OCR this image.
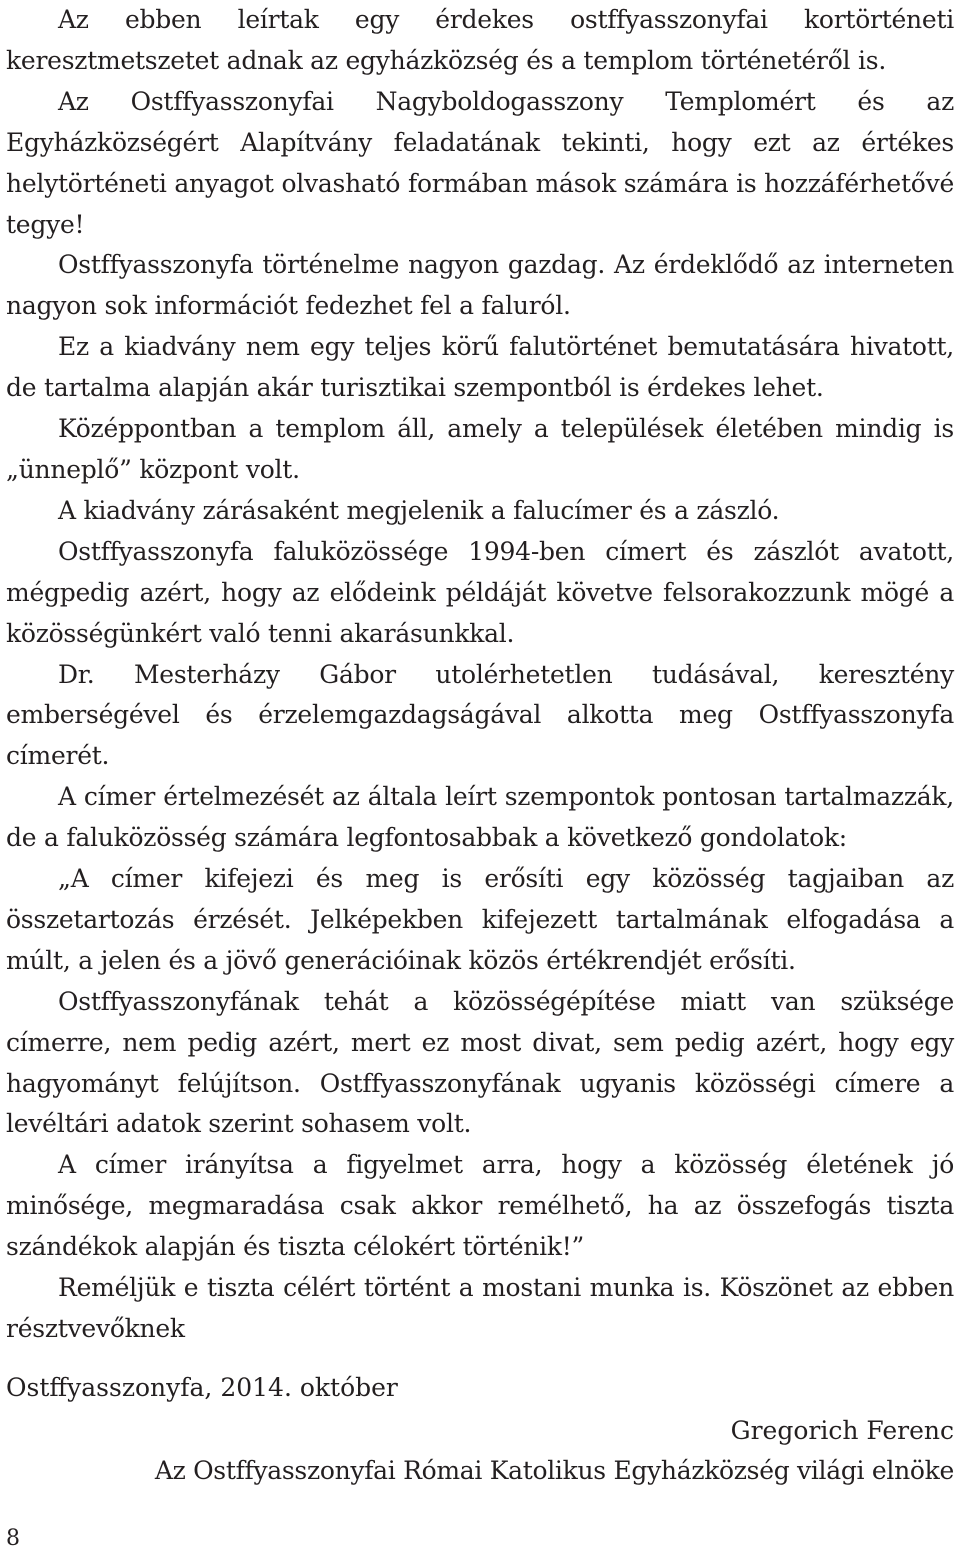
Az ebben leírtak egy érdekes ostffyasszonyfai kortörténeti keresztmetszetet adnak az egyházközség és a templom történetéről is.

Az Ostffyasszonyfai Nagyboldogasszony Templomért és az Egyházközségért Alapítvány feladatának tekinti, hogy ezt az értékes helytörténeti anyagot olvasható formában mások számára is hozzáférhetővé tegye!

Ostffyasszonyfa történelme nagyon gazdag. Az érdeklődő az interneten nagyon sok információt fedezhet fel a faluról.

Ez a kiadvány nem egy teljes körű falutörténet bemutatására hivatott, de tartalma alapján akár turisztikai szempontból is érdekes lehet.

Középpontban a templom áll, amely a települések életében mindig is „ünneplő” központ volt.

A kiadvány zárásaként megjelenik a falucímer és a zászló.

Ostffyasszonyfa faluközössége 1994-ben címert és zászlót avatott, mégpedig azért, hogy az elődeink példáját követve felsorakozzunk mögé a közösségünkért való tenni akarásunkkal.

Dr. Mesterházy Gábor utolérhetetlen tudásával, keresztény emberségével és érzelemgazdagságával alkotta meg Ostffyasszonyfa címerét.

A címer értelmezését az általa leírt szempontok pontosan tartalmazzák, de a faluközösség számára legfontosabbak a következő gondolatok:

„A címer kifejezi és meg is erősíti egy közösség tagjaiban az összetartozás érzését. Jelképekben kifejezett tartalmának elfogadása a múlt, a jelen és a jövő generációinak közös értékrendjét erősíti.

Ostffyasszonyfának tehát a közösségépítése miatt van szüksége címerre, nem pedig azért, mert ez most divat, sem pedig azért, hogy egy hagyományt felújítson. Ostffyasszonyfának ugyanis közösségi címere a levéltári adatok szerint sohasem volt.

A címer irányítsa a figyelmet arra, hogy a közösség életének jó minősége, megmaradása csak akkor remélhető, ha az összefogás tiszta szándékok alapján és tiszta célokért történik!”

Reméljük e tiszta célért történt a mostani munka is. Köszönet az ebben résztvevőknek

Ostffyasszonyfa, 2014. október
Gregorich Ferenc
Az Ostffyasszonyfai Római Katolikus Egyházközség világi elnöke
8
